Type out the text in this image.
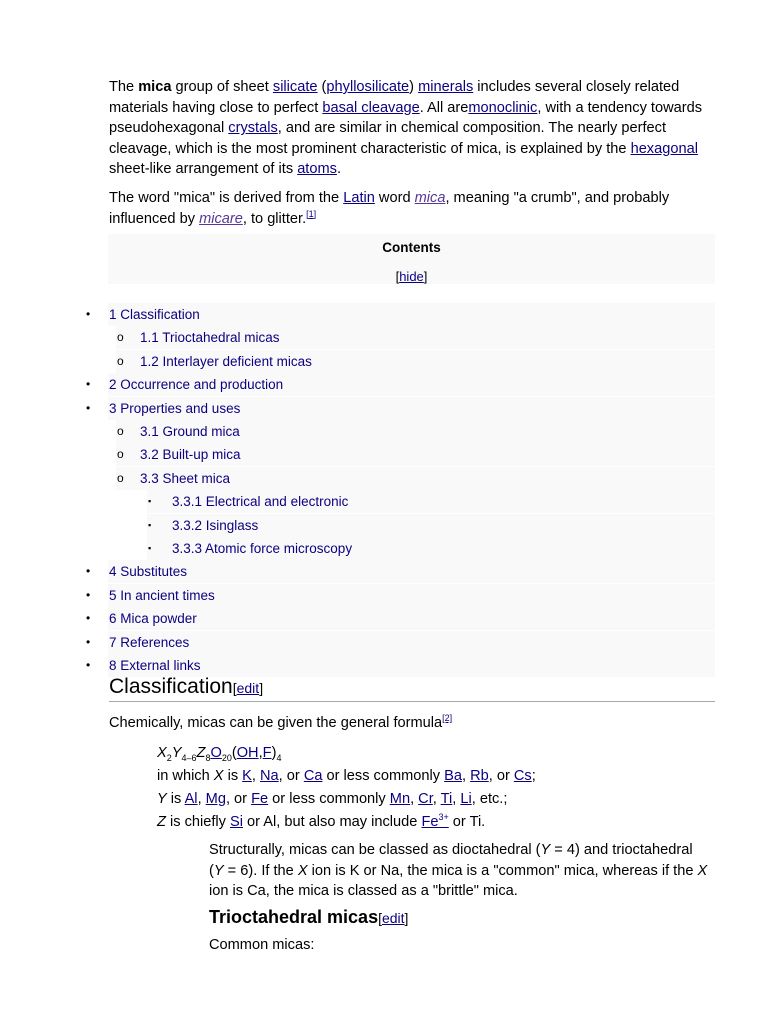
The mica group of sheet silicate (phyllosilicate) minerals includes several closely related materials having close to perfect basal cleavage. All aremonoclinic, with a tendency towards pseudohexagonal crystals, and are similar in chemical composition. The nearly perfect cleavage, which is the most prominent characteristic of mica, is explained by the hexagonal sheet-like arrangement of its atoms.
The word "mica" is derived from the Latin word mica, meaning "a crumb", and probably influenced by micare, to glitter.[1]
Contents
[hide]
• 1 Classification
o 1.1 Trioctahedral micas
o 1.2 Interlayer deficient micas
• 2 Occurrence and production
• 3 Properties and uses
o 3.1 Ground mica
o 3.2 Built-up mica
o 3.3 Sheet mica
▪ 3.3.1 Electrical and electronic
▪ 3.3.2 Isinglass
▪ 3.3.3 Atomic force microscopy
• 4 Substitutes
• 5 In ancient times
• 6 Mica powder
• 7 References
• 8 External links
Classification[edit]
Chemically, micas can be given the general formula[2]
$X_2Y_{4-6}Z_8O_{20}(OH,F)_4$
in which X is K, Na, or Ca or less commonly Ba, Rb, or Cs;
Y is Al, Mg, or Fe or less commonly Mn, Cr, Ti, Li, etc.;
Z is chiefly Si or Al, but also may include $Fe^{3+}$ or Ti.
Structurally, micas can be classed as dioctahedral (Y = 4) and trioctahedral (Y = 6). If the X ion is K or Na, the mica is a "common" mica, whereas if the X ion is Ca, the mica is classed as a "brittle" mica.
Trioctahedral micas[edit]
Common micas:
